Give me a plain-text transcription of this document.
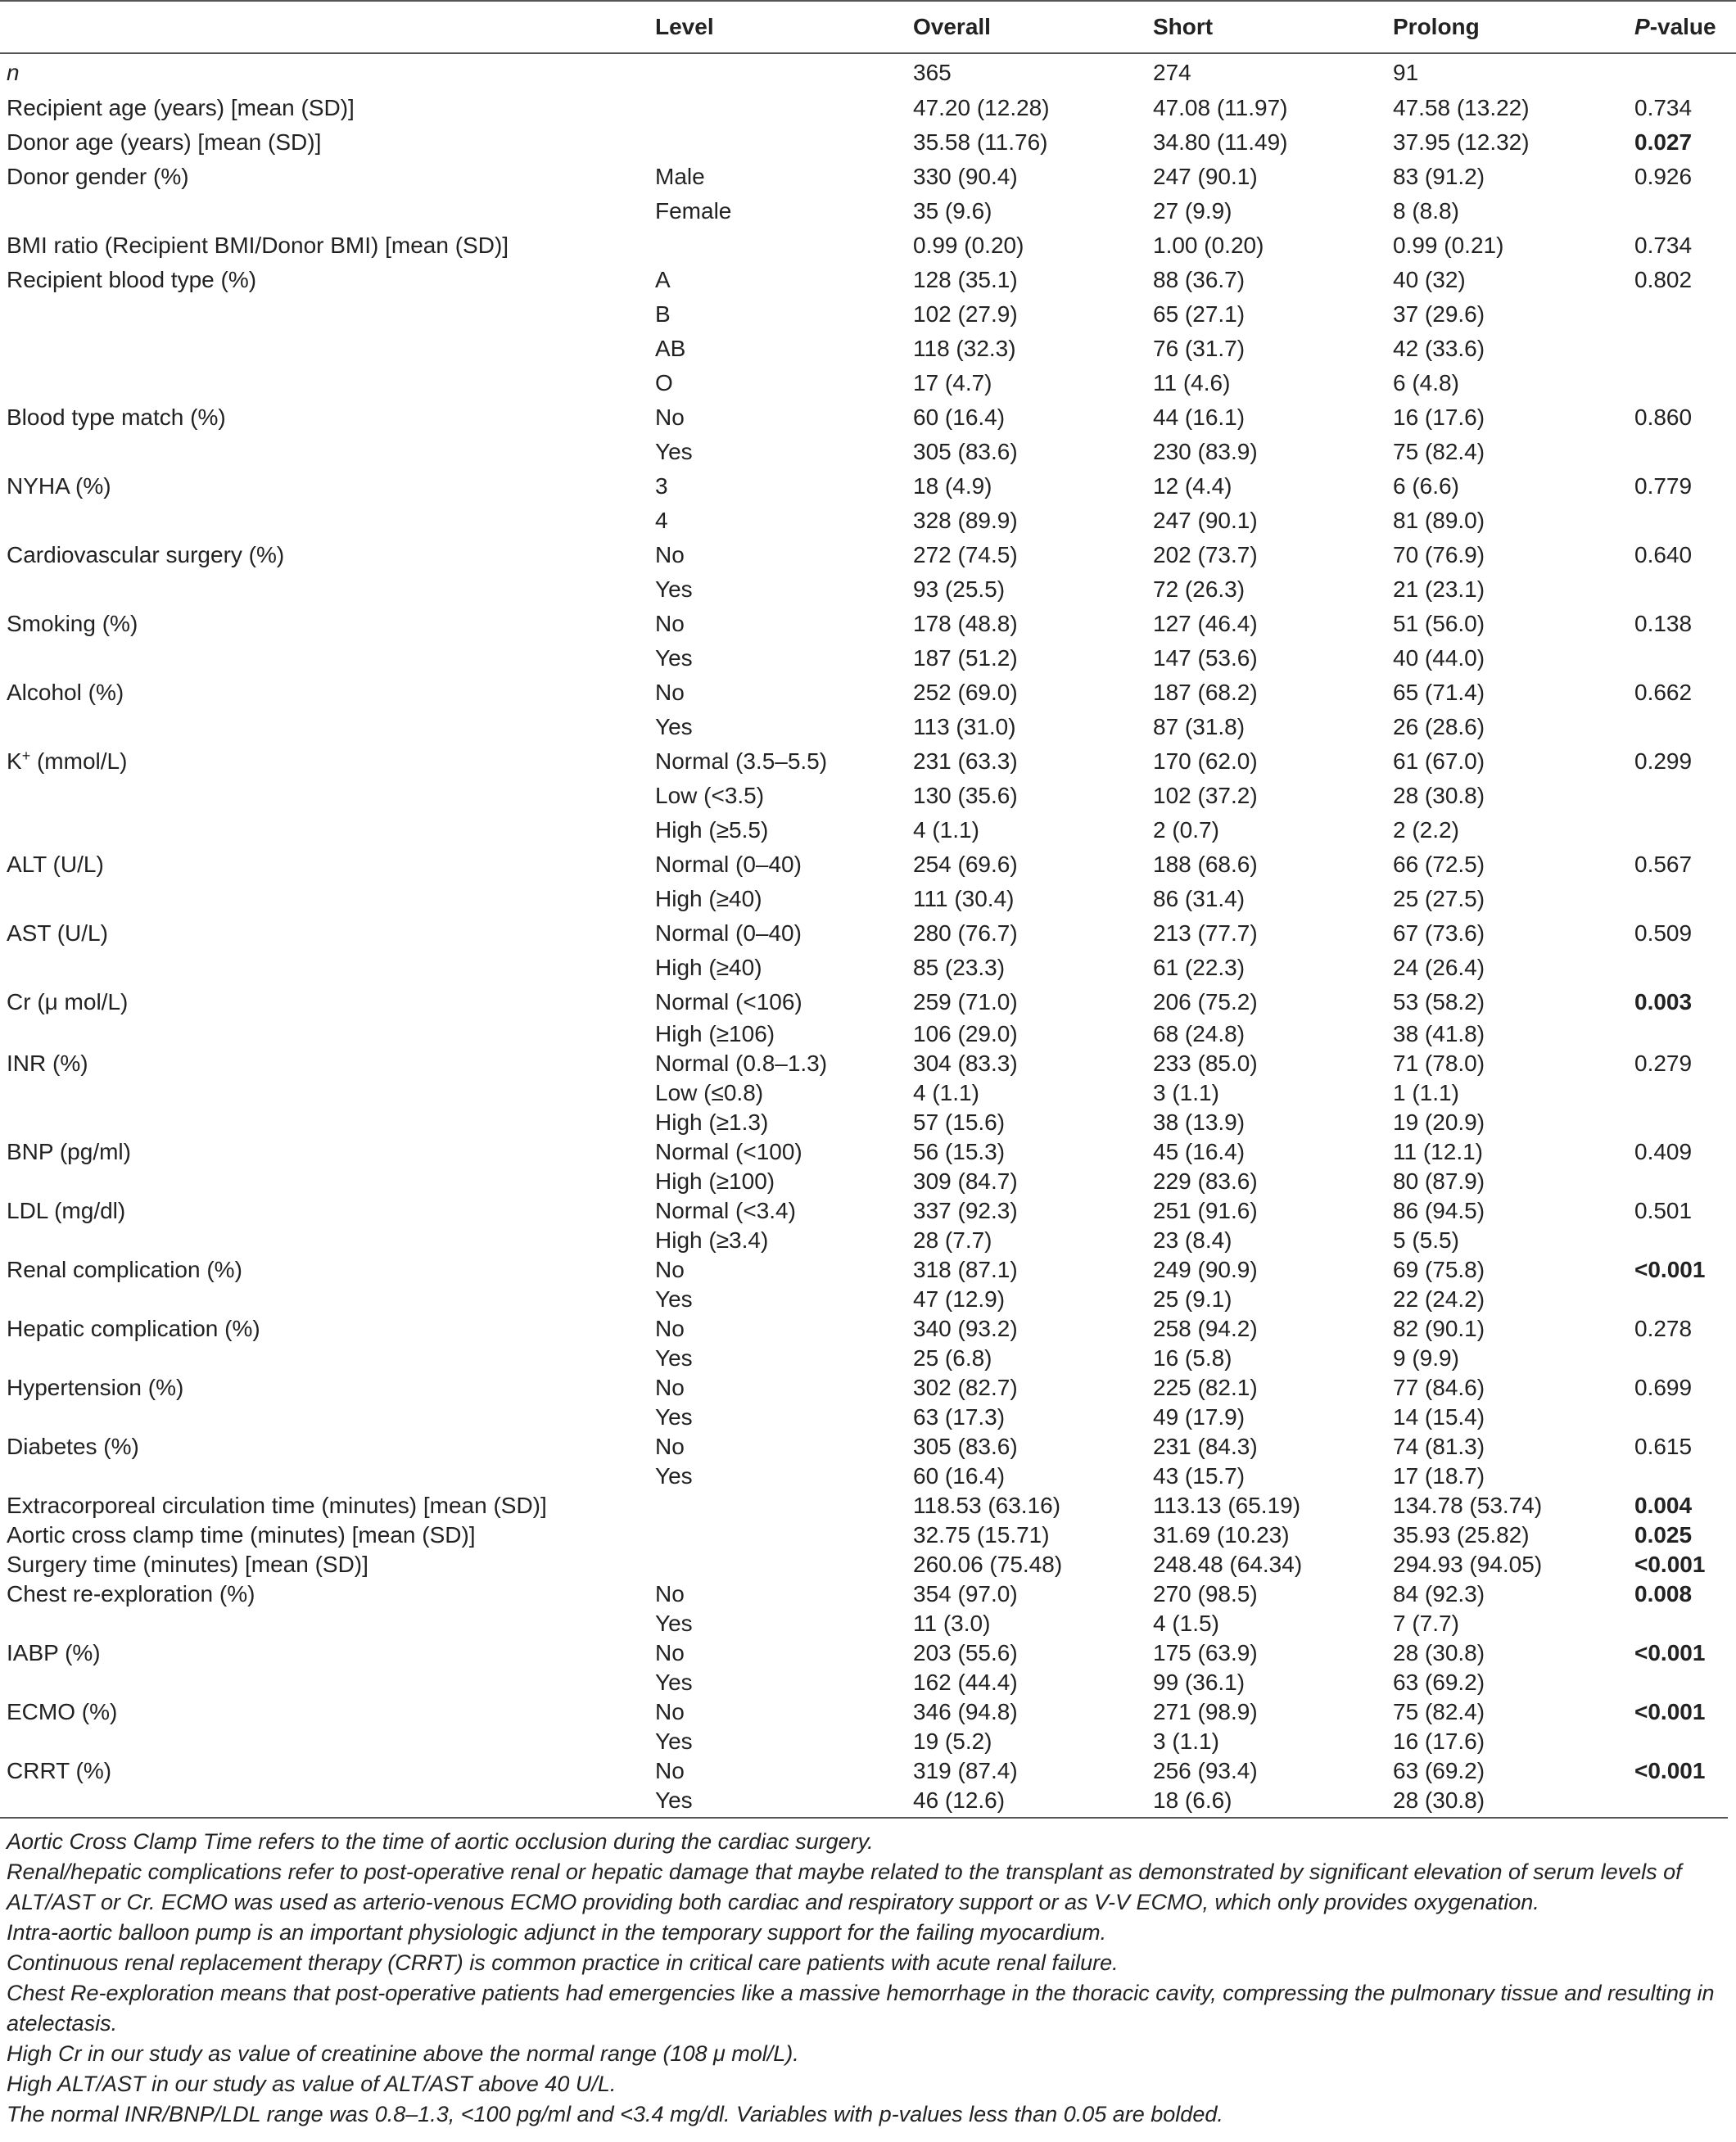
	Level	Overall	Short	Prolong	P-value
n		365	274	91	
Recipient age (years) [mean (SD)]		47.20 (12.28)	47.08 (11.97)	47.58 (13.22)	0.734
Donor age (years) [mean (SD)]		35.58 (11.76)	34.80 (11.49)	37.95 (12.32)	0.027
Donor gender (%)	Male	330 (90.4)	247 (90.1)	83 (91.2)	0.926
	Female	35 (9.6)	27 (9.9)	8 (8.8)	
BMI ratio (Recipient BMI/Donor BMI) [mean (SD)]		0.99 (0.20)	1.00 (0.20)	0.99 (0.21)	0.734
Recipient blood type (%)	A	128 (35.1)	88 (36.7)	40 (32)	0.802
	B	102 (27.9)	65 (27.1)	37 (29.6)	
	AB	118 (32.3)	76 (31.7)	42 (33.6)	
	O	17 (4.7)	11 (4.6)	6 (4.8)	
Blood type match (%)	No	60 (16.4)	44 (16.1)	16 (17.6)	0.860
	Yes	305 (83.6)	230 (83.9)	75 (82.4)	
NYHA (%)	3	18 (4.9)	12 (4.4)	6 (6.6)	0.779
	4	328 (89.9)	247 (90.1)	81 (89.0)	
Cardiovascular surgery (%)	No	272 (74.5)	202 (73.7)	70 (76.9)	0.640
	Yes	93 (25.5)	72 (26.3)	21 (23.1)	
Smoking (%)	No	178 (48.8)	127 (46.4)	51 (56.0)	0.138
	Yes	187 (51.2)	147 (53.6)	40 (44.0)	
Alcohol (%)	No	252 (69.0)	187 (68.2)	65 (71.4)	0.662
	Yes	113 (31.0)	87 (31.8)	26 (28.6)	
K+ (mmol/L)	Normal (3.5–5.5)	231 (63.3)	170 (62.0)	61 (67.0)	0.299
	Low (<3.5)	130 (35.6)	102 (37.2)	28 (30.8)	
	High (≥5.5)	4 (1.1)	2 (0.7)	2 (2.2)	
ALT (U/L)	Normal (0–40)	254 (69.6)	188 (68.6)	66 (72.5)	0.567
	High (≥40)	111 (30.4)	86 (31.4)	25 (27.5)	
AST (U/L)	Normal (0–40)	280 (76.7)	213 (77.7)	67 (73.6)	0.509
	High (≥40)	85 (23.3)	61 (22.3)	24 (26.4)	
Cr (μ mol/L)	Normal (<106)	259 (71.0)	206 (75.2)	53 (58.2)	0.003
	High (≥106)	106 (29.0)	68 (24.8)	38 (41.8)	
INR (%)	Normal (0.8–1.3)	304 (83.3)	233 (85.0)	71 (78.0)	0.279
	Low (≤0.8)	4 (1.1)	3 (1.1)	1 (1.1)	
	High (≥1.3)	57 (15.6)	38 (13.9)	19 (20.9)	
BNP (pg/ml)	Normal (<100)	56 (15.3)	45 (16.4)	11 (12.1)	0.409
	High (≥100)	309 (84.7)	229 (83.6)	80 (87.9)	
LDL (mg/dl)	Normal (<3.4)	337 (92.3)	251 (91.6)	86 (94.5)	0.501
	High (≥3.4)	28 (7.7)	23 (8.4)	5 (5.5)	
Renal complication (%)	No	318 (87.1)	249 (90.9)	69 (75.8)	<0.001
	Yes	47 (12.9)	25 (9.1)	22 (24.2)	
Hepatic complication (%)	No	340 (93.2)	258 (94.2)	82 (90.1)	0.278
	Yes	25 (6.8)	16 (5.8)	9 (9.9)	
Hypertension (%)	No	302 (82.7)	225 (82.1)	77 (84.6)	0.699
	Yes	63 (17.3)	49 (17.9)	14 (15.4)	
Diabetes (%)	No	305 (83.6)	231 (84.3)	74 (81.3)	0.615
	Yes	60 (16.4)	43 (15.7)	17 (18.7)	
Extracorporeal circulation time (minutes) [mean (SD)]		118.53 (63.16)	113.13 (65.19)	134.78 (53.74)	0.004
Aortic cross clamp time (minutes) [mean (SD)]		32.75 (15.71)	31.69 (10.23)	35.93 (25.82)	0.025
Surgery time (minutes) [mean (SD)]		260.06 (75.48)	248.48 (64.34)	294.93 (94.05)	<0.001
Chest re-exploration (%)	No	354 (97.0)	270 (98.5)	84 (92.3)	0.008
	Yes	11 (3.0)	4 (1.5)	7 (7.7)	
IABP (%)	No	203 (55.6)	175 (63.9)	28 (30.8)	<0.001
	Yes	162 (44.4)	99 (36.1)	63 (69.2)	
ECMO (%)	No	346 (94.8)	271 (98.9)	75 (82.4)	<0.001
	Yes	19 (5.2)	3 (1.1)	16 (17.6)	
CRRT (%)	No	319 (87.4)	256 (93.4)	63 (69.2)	<0.001
	Yes	46 (12.6)	18 (6.6)	28 (30.8)	

Aortic Cross Clamp Time refers to the time of aortic occlusion during the cardiac surgery.

Renal/hepatic complications refer to post-operative renal or hepatic damage that maybe related to the transplant as demonstrated by significant elevation of serum levels of ALT/AST or Cr. ECMO was used as arterio-venous ECMO providing both cardiac and respiratory support or as V-V ECMO, which only provides oxygenation.

Intra-aortic balloon pump is an important physiologic adjunct in the temporary support for the failing myocardium.

Continuous renal replacement therapy (CRRT) is common practice in critical care patients with acute renal failure.

Chest Re-exploration means that post-operative patients had emergencies like a massive hemorrhage in the thoracic cavity, compressing the pulmonary tissue and resulting in atelectasis.

High Cr in our study as value of creatinine above the normal range (108 μ mol/L).

High ALT/AST in our study as value of ALT/AST above 40 U/L.

The normal INR/BNP/LDL range was 0.8–1.3, <100 pg/ml and <3.4 mg/dl. Variables with p-values less than 0.05 are bolded.
